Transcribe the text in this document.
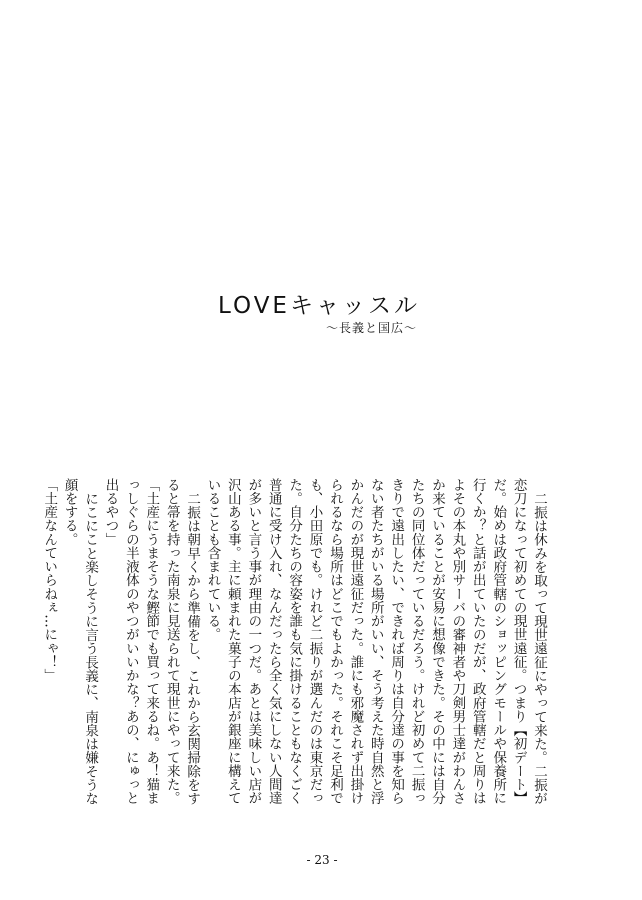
LOVEキャッスル
〜長義と国広〜

二振は休みを取って現世遠征にやって来た。二振が恋刀になって初めての現世遠征。つまり【初デート】だ。始めは政府管轄のショッピングモールや保養所に行くか？と話が出ていたのだが、政府管轄だと周りはよその本丸や別サーバの審神者や刀剣男士達がわんさか来ていることが安易に想像できた。その中には自分たちの同位体だっているだろう。けれど初めて二振っきりで遠出したい、できれば周りは自分達の事を知らない者たちがいる場所がいい、そう考えた時自然と浮かんだのが現世遠征だった。誰にも邪魔されず出掛けられるなら場所はどこでもよかった。それこそ足利でも、小田原でも。けれど二振りが選んだのは東京だった。自分たちの容姿を誰も気に掛けることもなくごく普通に受け入れ、なんだったら全く気にしない人間達が多いと言う事が理由の一つだ。あとは美味しい店が沢山ある事。主に頼まれた菓子の本店が銀座に構えていることも含まれている。

二振は朝早くから準備をし、これから玄関掃除をすると箒を持った南泉に見送られて現世にやって来た。

「土産にうまそうな鰹節でも買って来るね。あ！猫まっしぐらの半液体のやつがいいかな？あの、にゅっと出るやつ」

にこにこと楽しそうに言う長義に、南泉は嫌そうな顔をする。

「土産なんていらねぇ…にゃ！」

- 23 -
